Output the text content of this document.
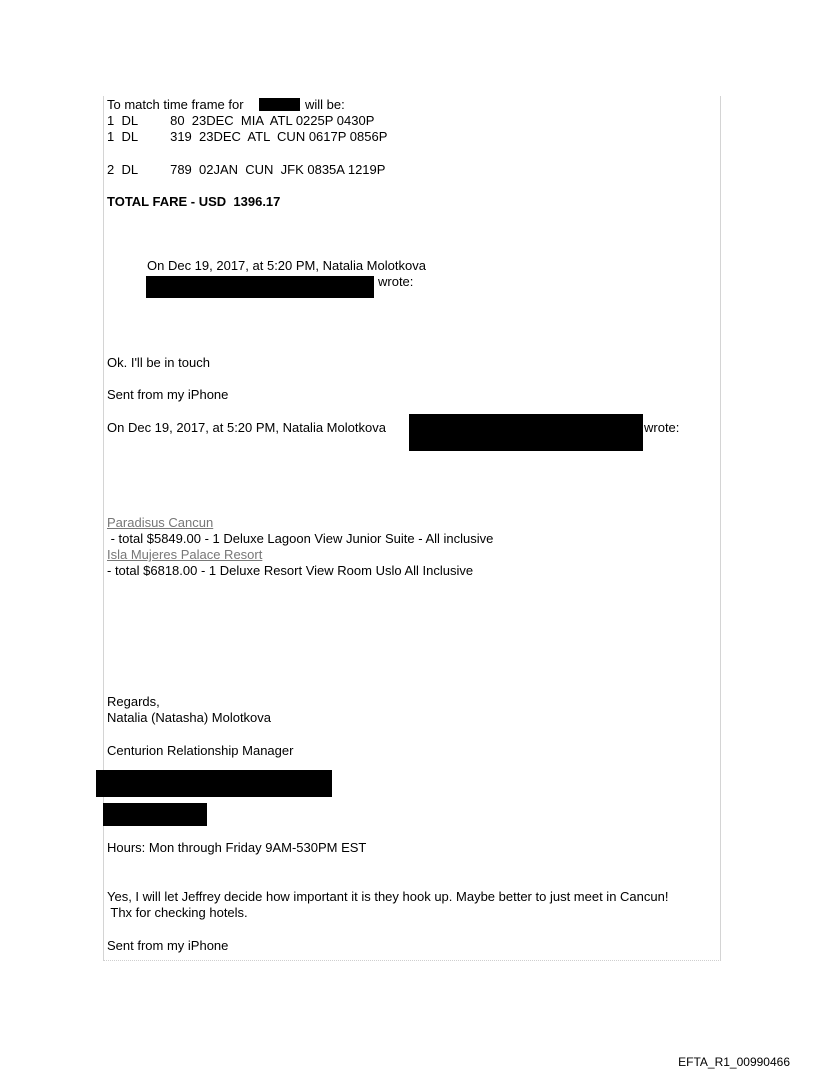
To match time frame for	will be:
1  DL         80  23DEC  MIA  ATL 0225P 0430P
1  DL         319  23DEC  ATL  CUN 0617P 0856P
2  DL         789  02JAN  CUN  JFK 0835A 1219P
TOTAL FARE - USD  1396.17
On Dec 19, 2017, at 5:20 PM, Natalia Molotkova
wrote:
Ok. I'll be in touch
Sent from my iPhone
On Dec 19, 2017, at 5:20 PM, Natalia Molotkova	wrote:
Paradisus Cancun
- total $5849.00 - 1 Deluxe Lagoon View Junior Suite - All inclusive
Isla Mujeres Palace Resort
- total $6818.00 - 1 Deluxe Resort View Room Uslo All Inclusive
Regards,
Natalia (Natasha) Molotkova
Centurion Relationship Manager
Hours: Mon through Friday 9AM-530PM EST
Yes, I will let Jeffrey decide how important it is they hook up. Maybe better to just meet in Cancun!
Thx for checking hotels.
Sent from my iPhone
EFTA_R1_00990466
